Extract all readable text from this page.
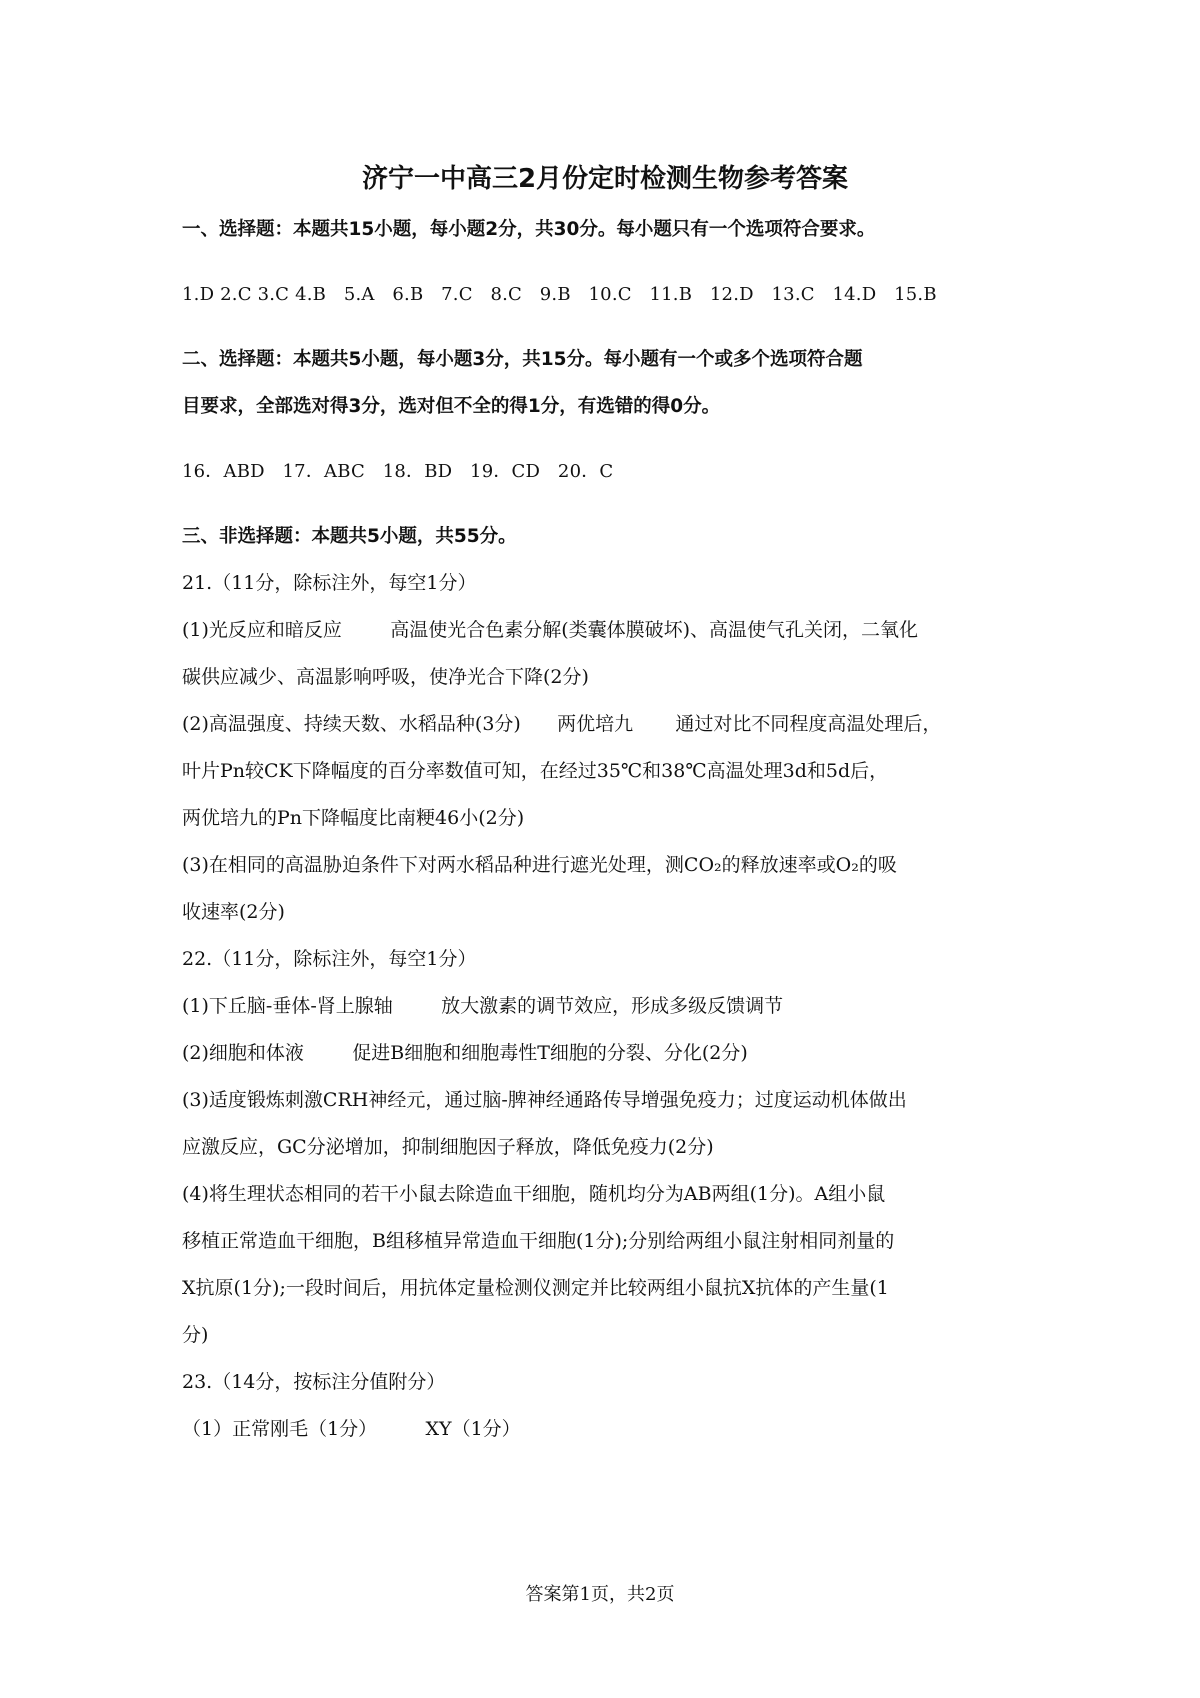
济宁一中高三2月份定时检测生物参考答案

一、选择题：本题共15小题，每小题2分，共30分。每小题只有一个选项符合要求。

1.D 2.C 3.C 4.B   5.A   6.B   7.C   8.C   9.B   10.C   11.B   12.D   13.C   14.D   15.B

二、选择题：本题共5小题，每小题3分，共15分。每小题有一个或多个选项符合题

目要求，全部选对得3分，选对但不全的得1分，有选错的得0分。

16．ABD   17．ABC   18．BD   19．CD   20．C

三、非选择题：本题共5小题，共55分。

21.（11分，除标注外，每空1分）

(1)光反应和暗反应        高温使光合色素分解(类囊体膜破坏)、高温使气孔关闭，二氧化

碳供应减少、高温影响呼吸，使净光合下降(2分)

(2)高温强度、持续天数、水稻品种(3分)      两优培九       通过对比不同程度高温处理后，

叶片Pn较CK下降幅度的百分率数值可知，在经过35℃和38℃高温处理3d和5d后，

两优培九的Pn下降幅度比南粳46小(2分)

(3)在相同的高温胁迫条件下对两水稻品种进行遮光处理，测CO₂的释放速率或O₂的吸

收速率(2分)

22.（11分，除标注外，每空1分）

(1)下丘脑-垂体-肾上腺轴        放大激素的调节效应，形成多级反馈调节

(2)细胞和体液        促进B细胞和细胞毒性T细胞的分裂、分化(2分)

(3)适度锻炼刺激CRH神经元，通过脑-脾神经通路传导增强免疫力；过度运动机体做出

应激反应，GC分泌增加，抑制细胞因子释放，降低免疫力(2分)

(4)将生理状态相同的若干小鼠去除造血干细胞，随机均分为AB两组(1分)。A组小鼠

移植正常造血干细胞，B组移植异常造血干细胞(1分);分别给两组小鼠注射相同剂量的

X抗原(1分);一段时间后，用抗体定量检测仪测定并比较两组小鼠抗X抗体的产生量(1

分)

23.（14分，按标注分值附分）

（1）正常刚毛（1分）        XY（1分）

答案第1页，共2页
